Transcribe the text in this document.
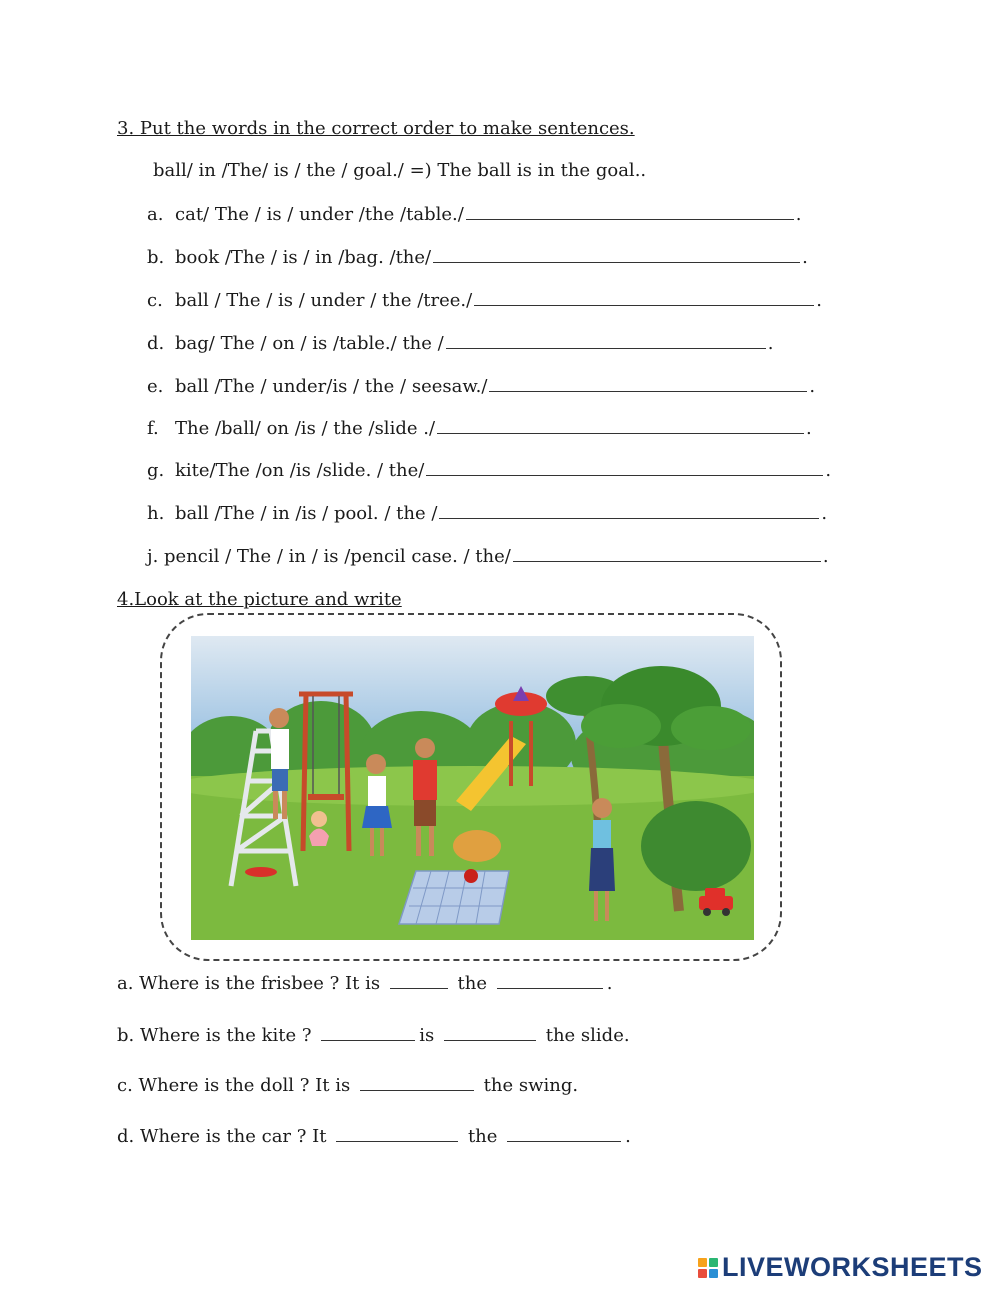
3. Put the words in the correct order to make sentences.
ball/ in /The/ is / the / goal./ =) The ball is in the goal..
a. cat/ The / is / under /the /table./	.
b. book /The / is / in /bag. /the/	.
c. ball / The / is / under / the /tree./	.
d. bag/ The / on / is /table./ the /	.
e. ball /The / under/is / the / seesaw./	.
f. The /ball/ on /is / the /slide ./	.
g. kite/The /on /is /slide. / the/	.
h. ball /The / in /is / pool. / the /	.
j. pencil / The / in / is /pencil case. / the/	.
4.Look at the picture and write
a. Where is the frisbee ? It is	the	.
b. Where is the kite ?	is	the slide.
c. Where is the doll ? It is	the swing.
d. Where is the car ? It	the	.
LIVEWORKSHEETS
